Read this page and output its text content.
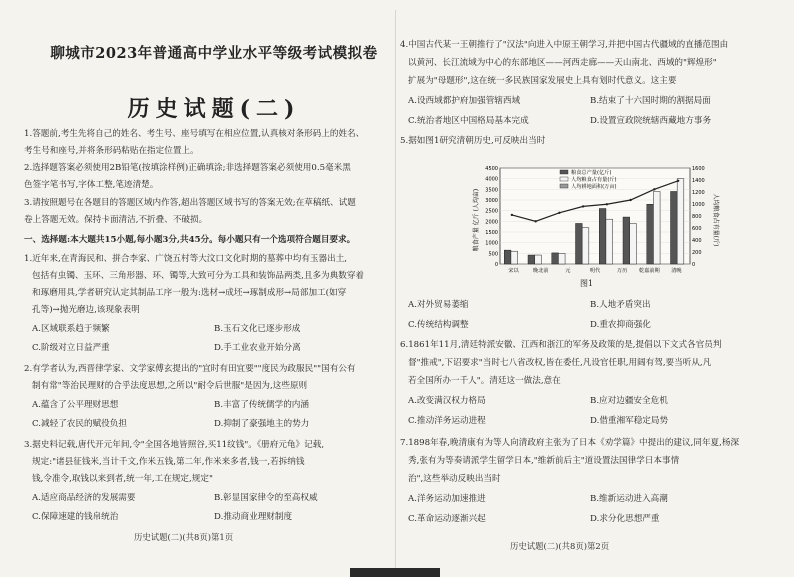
聊城市2023年普通高中学业水平等级考试模拟卷
历史试题(二)
1.答题前,考生先将自己的姓名、考生号、座号填写在相应位置,认真核对条形码上的姓名、
考生号和座号,并将条形码粘贴在指定位置上。
2.选择题答案必须使用2B铅笔(按填涂样例)正确填涂;非选择题答案必须使用0.5毫米黑
色签字笔书写,字体工整,笔迹清楚。
3.请按照题号在各题目的答题区域内作答,超出答题区域书写的答案无效;在草稿纸、试题
卷上答题无效。保持卡面清洁,不折叠、不破损。
一、选择题:本大题共15小题,每小题3分,共45分。每小题只有一个选项符合题目要求。
1.近年来,在青海民和、拼合李家、广饶五村等大汶口文化时期的墓葬中均有玉器出土,
包括有虫镯、玉环、三角形器、环、镯等,大致可分为工具和装饰品两类,且多为典数穿着
和琢磨用具,学者研究认定其制品工序一般为:选材→成坯→琢制成形→局部加工(如穿
孔等)→抛光磨边,该现象表明
A.区域联系趋于频繁	B.玉石文化已逐步形成
C.阶级对立日益严重	D.手工业农业开始分离
2.有学者认为,西晋律学家、文学家傅玄提出的"宜时有田宜要""度民为政服民""国有公有
制有常"等治民理财的合乎法度思想,之所以"耐令后世服"是因为,这些原则
A.蕴含了公平理财思想	B.丰富了传统儒学的内涵
C.减轻了农民的赋役负担	D.抑制了豪强地主的势力
3.据史料记载,唐代开元年间,令"全国各地皆照谷,买11纹钱"。《册府元龟》记载,
规定:"诸县征钱米,当计千文,作米五钱,第二年,作米来多者,钱一,若拆纳钱
钱,令准令,取钱以来到者,统一年,工在规定,规定"
A.适应商品经济的发展需要	B.彰显国家律令的至高权威
C.保障速建的钱帛统治	D.推动商业理财制度
历史试题(二)(共8页)第1页
4.中国古代某一王朝推行了"汉法"向进入中原王朝学习,并把中国古代疆域的直播范围由
以黄河、长江流域为中心的东部地区——河西走廊——天山南北、西域的"辉煌形"
扩展为"母题形",这在统一多民族国家发展史上具有划时代意义。这主要
A.设西域都护府加强管辖西域	B.结束了十六国时期的割据局面
C.统治者地区中国格局基本完成	D.设置宣政院统辖西藏地方事务
5.据如图1研究清朝历史,可反映出当时
0
500
1000
1500
2000
2500
3000
3500
4000
4500
0
200
400
600
800
1000
1200
1400
1600
宋以	晚北前	元	明代	万历 乾嘉前期 清晚
粮食总产量(亿斤)
人均粮食占有量(斤)
人均耕地面积(万亩)
粮食产量 亿斤 (人均亩)	人均粮食占有量(斤)
图1
A.对外贸易萎缩	B.人地矛盾突出
C.传统结构调整	D.重农抑商强化
6.1861年11月,清廷特派安徽、江西和浙江的军务及政策的是,提倡以下文式各官员判
督"推戒",下诏要求"当时七八省改权,皆在委任,凡设官任职,用阔有驾,要当听从,凡
若全国所办一千人"。清廷这一做法,意在
A.改变满汉权力格局	B.应对边疆安全危机
C.推动洋务运动进程	D.借重湘军稳定局势
7.1898年春,晚清康有为等人向清政府主张为了日本《劝学篇》中提出的建议,同年夏,杨深
秀,张有为等奏请派学生留学日本,"维新前后主"道设置法国律学日本事情
治",这些举动反映出当时
A.洋务运动加速推进	B.维新运动进入高潮
C.革命运动逐渐兴起	D.求分化思想严重
历史试题(二)(共8页)第2页
